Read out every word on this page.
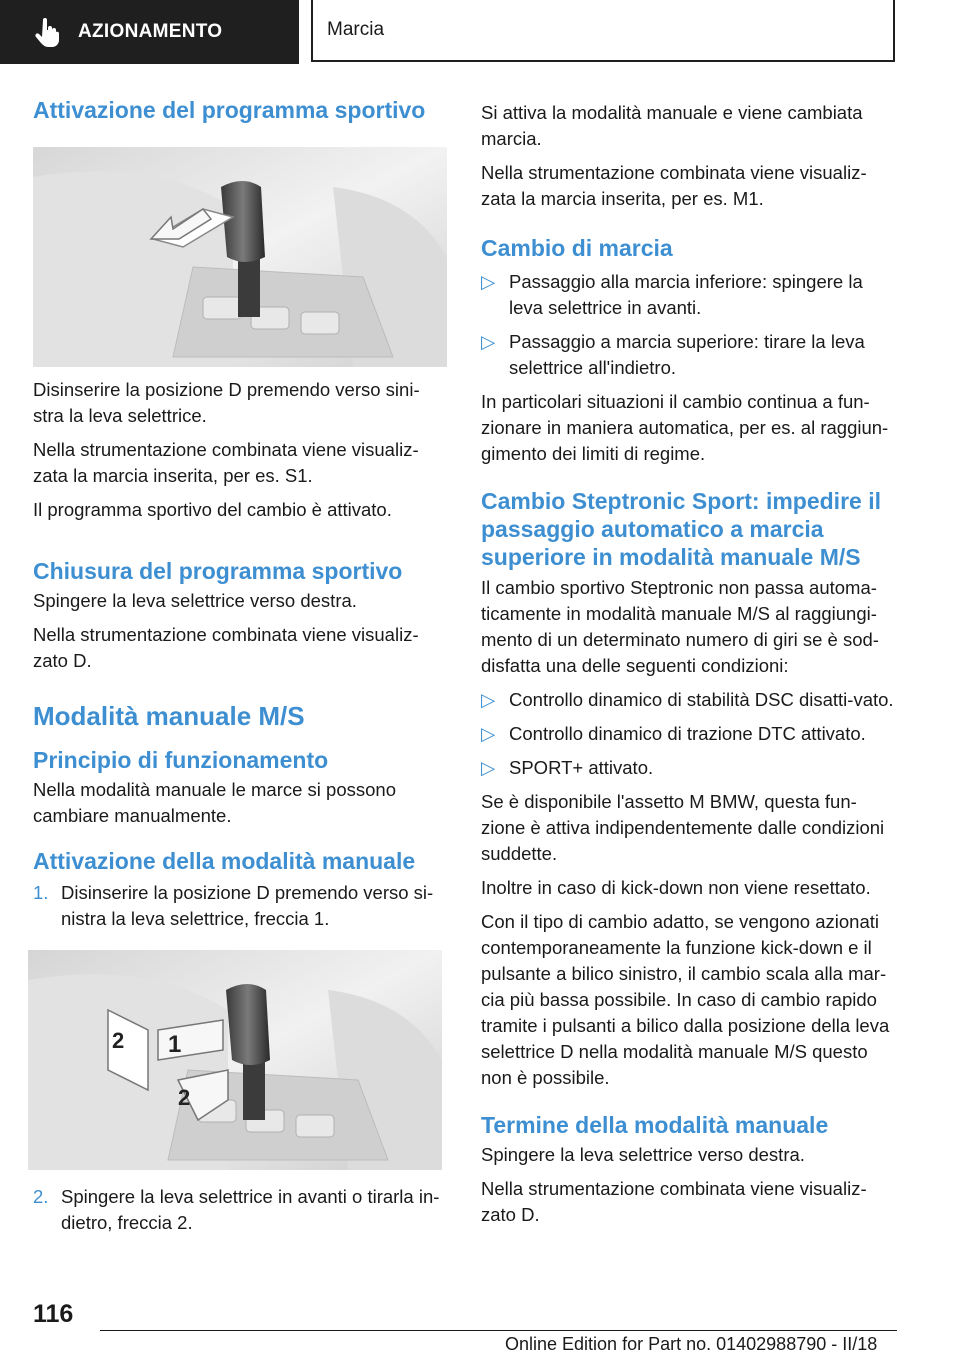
AZIONAMENTO	Marcia
Attivazione del programma sportivo

Disinserire la posizione D premendo verso sini-stra la leva selettrice.

Nella strumentazione combinata viene visualiz-zata la marcia inserita, per es. S1.

Il programma sportivo del cambio è attivato.

Chiusura del programma sportivo

Spingere la leva selettrice verso destra.

Nella strumentazione combinata viene visualiz-zato D.

Modalità manuale M/S
Principio di funzionamento

Nella modalità manuale le marce si possono cambiare manualmente.

Attivazione della modalità manuale
1. Disinserire la posizione D premendo verso si-nistra la leva selettrice, freccia 1.
2 1
2
2. Spingere la leva selettrice in avanti o tirarla in-dietro, freccia 2.

Si attiva la modalità manuale e viene cambiata marcia.

Nella strumentazione combinata viene visualiz-zata la marcia inserita, per es. M1.

Cambio di marcia
▷ Passaggio alla marcia inferiore: spingere la leva selettrice in avanti.
▷ Passaggio a marcia superiore: tirare la leva selettrice all'indietro.

In particolari situazioni il cambio continua a fun-zionare in maniera automatica, per es. al raggiun-gimento dei limiti di regime.

Cambio Steptronic Sport: impedire il passaggio automatico a marcia superiore in modalità manuale M/S

Il cambio sportivo Steptronic non passa automa-ticamente in modalità manuale M/S al raggiungi-mento di un determinato numero di giri se è sod-disfatta una delle seguenti condizioni:

▷ Controllo dinamico di stabilità DSC disatti-vato.
▷ Controllo dinamico di trazione DTC attivato.
▷ SPORT+ attivato.

Se è disponibile l'assetto M BMW, questa fun-zione è attiva indipendentemente dalle condizioni suddette.

Inoltre in caso di kick-down non viene resettato.

Con il tipo di cambio adatto, se vengono azionati contemporaneamente la funzione kick-down e il pulsante a bilico sinistro, il cambio scala alla mar-cia più bassa possibile. In caso di cambio rapido tramite i pulsanti a bilico dalla posizione della leva selettrice D nella modalità manuale M/S questo non è possibile.

Termine della modalità manuale

Spingere la leva selettrice verso destra.

Nella strumentazione combinata viene visualiz-zato D.

116
Online Edition for Part no. 01402988790 - II/18
